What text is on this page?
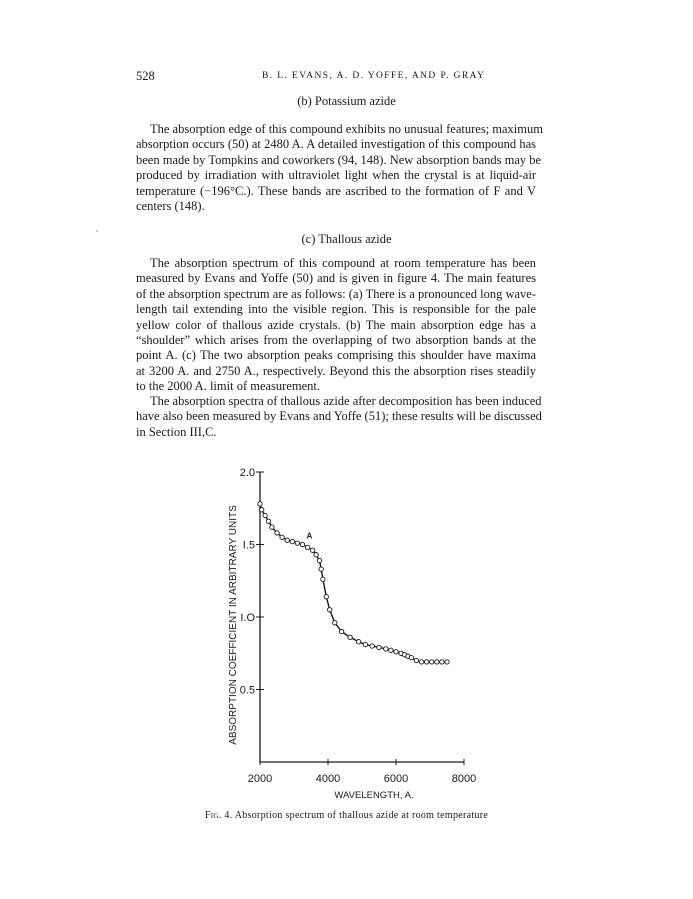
528	B. L. EVANS, A. D. YOFFE, AND P. GRAY
(b) Potassium azide

The absorption edge of this compound exhibits no unusual features; maximum
absorption occurs (50) at 2480 A. A detailed investigation of this compound has
been made by Tompkins and coworkers (94, 148). New absorption bands may be
produced by irradiation with ultraviolet light when the crystal is at liquid-air
temperature (−196°C.). These bands are ascribed to the formation of F and V
centers (148).

(c) Thallous azide

The absorption spectrum of this compound at room temperature has been
measured by Evans and Yoffe (50) and is given in figure 4. The main features
of the absorption spectrum are as follows: (a) There is a pronounced long wave-
length tail extending into the visible region. This is responsible for the pale
yellow color of thallous azide crystals. (b) The main absorption edge has a
“shoulder” which arises from the overlapping of two absorption bands at the
point A. (c) The two absorption peaks comprising this shoulder have maxima
at 3200 A. and 2750 A., respectively. Beyond this the absorption rises steadily
to the 2000 A. limit of measurement.

The absorption spectra of thallous azide after decomposition has been induced
have also been measured by Evans and Yoffe (51); these results will be discussed
in Section III,C.

0.5
I.O
I.5
2.0
2000	4000	6000	8000
WAVELENGTH, A.
ABSORPTION COEFFICIENT IN ARBITRARY UNITS	A
Fig. 4. Absorption spectrum of thallous azide at room temperature
